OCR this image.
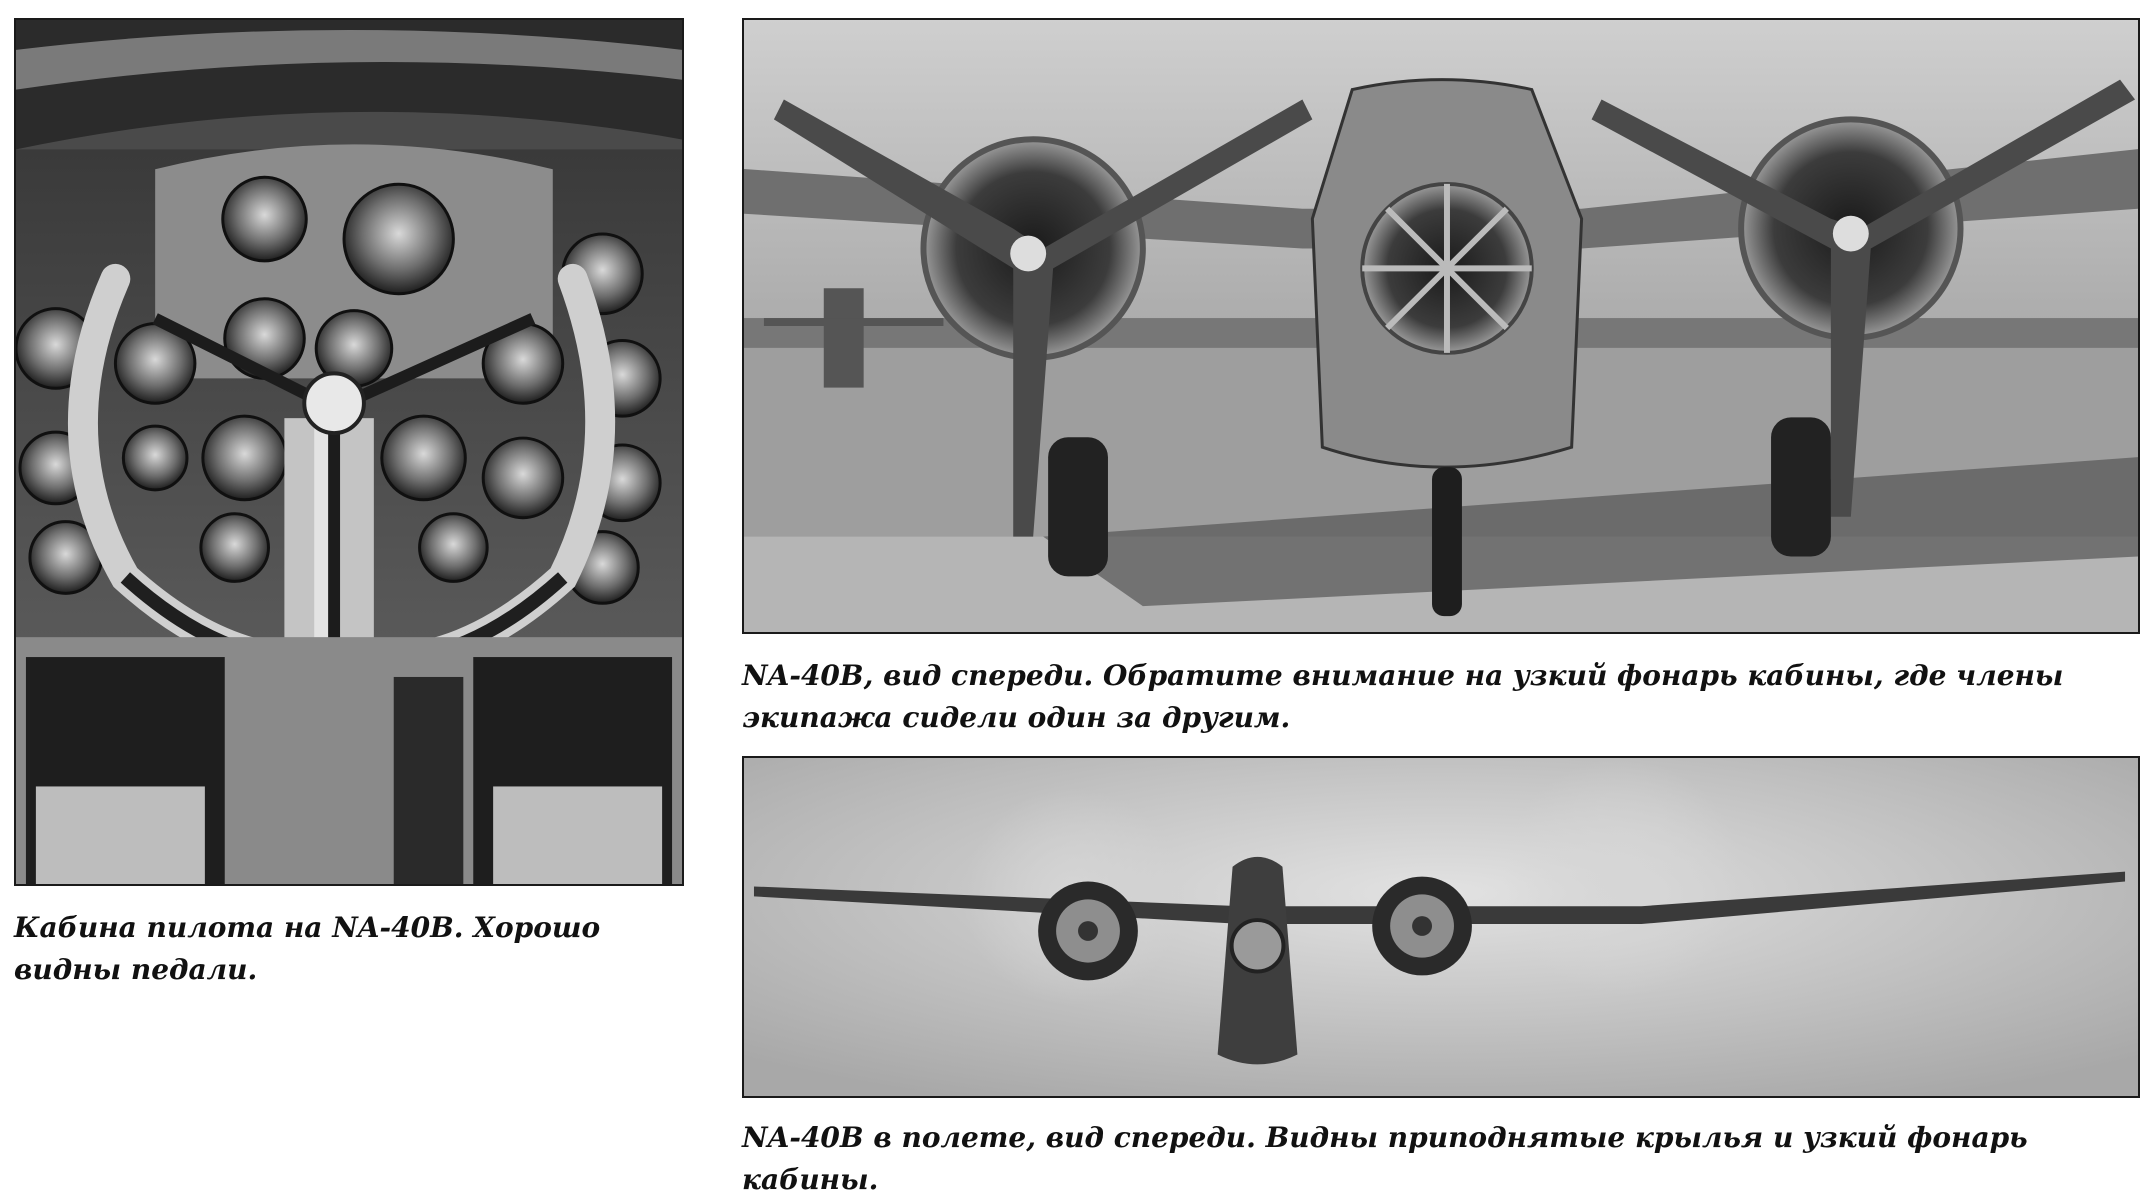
Кабина пилота на NA-40B. Хорошо видны педали.

NA-40B, вид спереди. Обратите внимание на узкий фонарь кабины, где члены экипажа сидели один за другим.

NA-40B в полете, вид спереди. Видны приподнятые крылья и узкий фонарь кабины.
